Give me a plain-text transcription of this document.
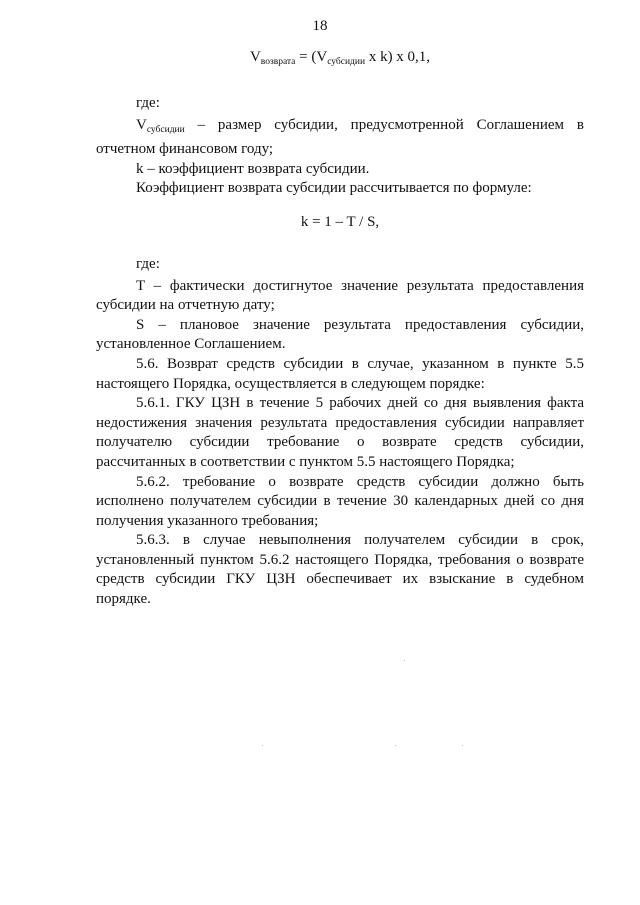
18

$V_{возврата} = (V_{субсидии}$ x k) x 0,1,

где:

$V_{субсидии}$ – размер субсидии, предусмотренной Соглашением в отчетном финансовом году;

k – коэффициент возврата субсидии.

Коэффициент возврата субсидии рассчитывается по формуле:

k = 1 – T / S,

где:

T – фактически достигнутое значение результата предоставления субсидии на отчетную дату;

S – плановое значение результата предоставления субсидии, установленное Соглашением.

5.6. Возврат средств субсидии в случае, указанном в пункте 5.5 настоящего Порядка, осуществляется в следующем порядке:

5.6.1. ГКУ ЦЗН в течение 5 рабочих дней со дня выявления факта недостижения значения результата предоставления субсидии направляет получателю субсидии требование о возврате средств субсидии, рассчитанных в соответствии с пунктом 5.5 настоящего Порядка;

5.6.2. требование о возврате средств субсидии должно быть исполнено получателем субсидии в течение 30 календарных дней со дня получения указанного требования;

5.6.3. в случае невыполнения получателем субсидии в срок, установленный пунктом 5.6.2 настоящего Порядка, требования о возврате средств субсидии ГКУ ЦЗН обеспечивает их взыскание в судебном порядке.
